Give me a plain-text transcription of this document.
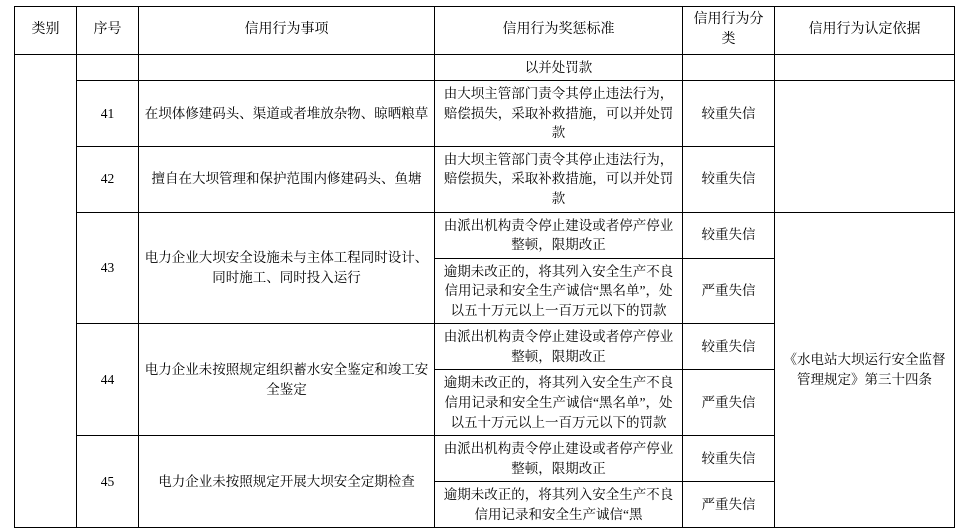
类别	序号	信用行为事项	信用行为奖惩标准	信用行为分类	信用行为认定依据
			以并处罚款		
	41	在坝体修建码头、渠道或者堆放杂物、晾晒粮草	由大坝主管部门责令其停止违法行为，赔偿损失，采取补救措施，可以并处罚款	较重失信	
	42	擅自在大坝管理和保护范围内修建码头、鱼塘	由大坝主管部门责令其停止违法行为，赔偿损失，采取补救措施，可以并处罚款	较重失信	
	43	电力企业大坝安全设施未与主体工程同时设计、同时施工、同时投入运行	由派出机构责令停止建设或者停产停业整顿，限期改正	较重失信	《水电站大坝运行安全监督管理规定》第三十四条
			逾期未改正的，将其列入安全生产不良信用记录和安全生产诚信“黑名单”，处以五十万元以上一百万元以下的罚款	严重失信	
	44	电力企业未按照规定组织蓄水安全鉴定和竣工安全鉴定	由派出机构责令停止建设或者停产停业整顿，限期改正	较重失信	
			逾期未改正的，将其列入安全生产不良信用记录和安全生产诚信“黑名单”，处以五十万元以上一百万元以下的罚款	严重失信	
	45	电力企业未按照规定开展大坝安全定期检查	由派出机构责令停止建设或者停产停业整顿，限期改正	较重失信	
			逾期未改正的，将其列入安全生产不良信用记录和安全生产诚信“黑	严重失信	
